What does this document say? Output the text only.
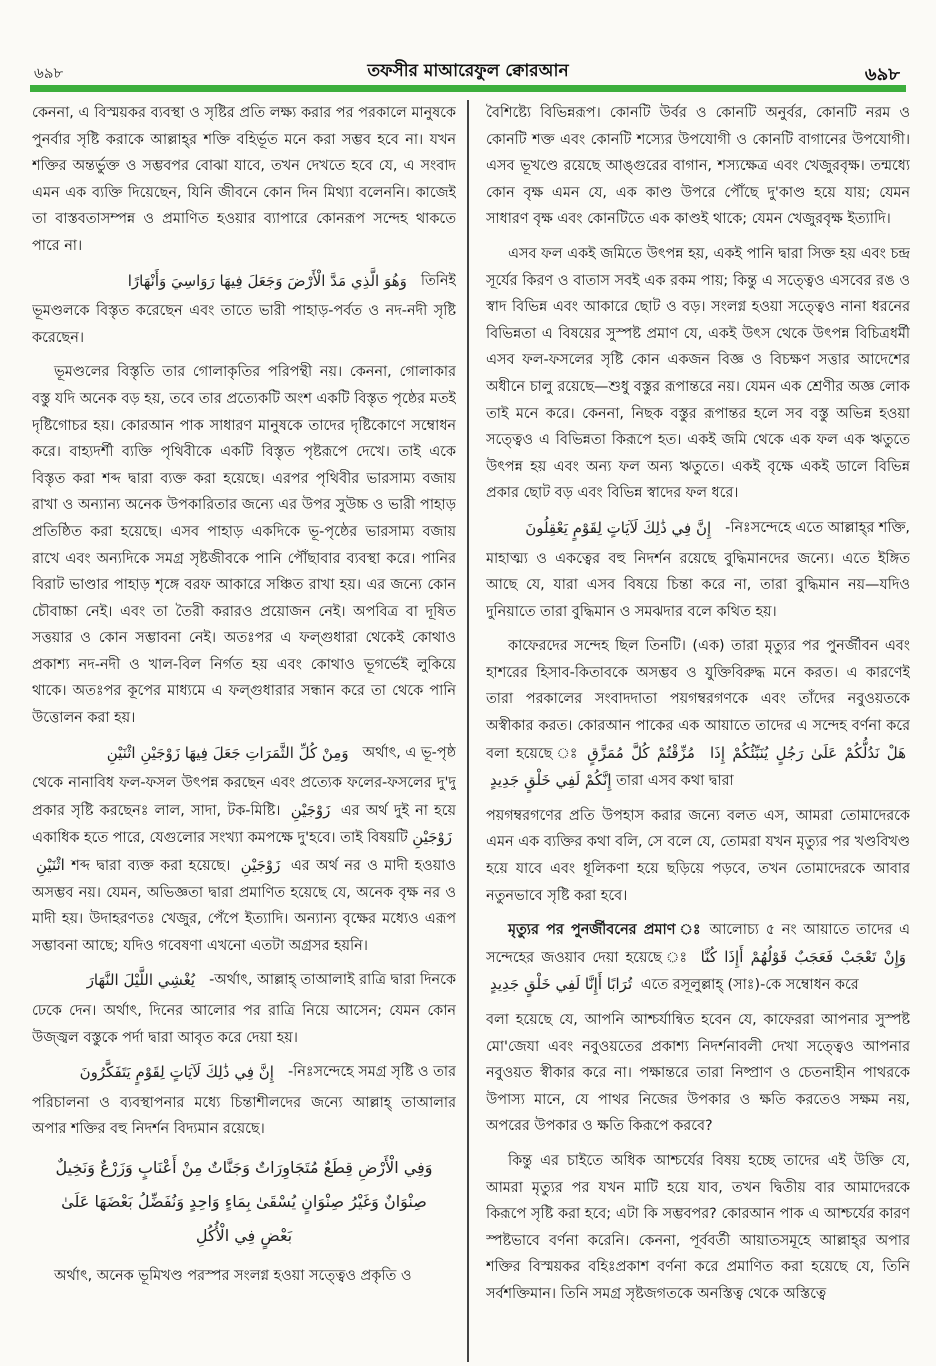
৬৯৮	তফসীর মাআরেফুল ক্বোরআন	৬৯৮

কেননা, এ বিস্ময়কর ব্যবস্থা ও সৃষ্টির প্রতি লক্ষ্য করার পর পরকালে মানুষকে পুনর্বার সৃষ্টি করাকে আল্লাহ্‌র শক্তি বহির্ভূত মনে করা সম্ভব হবে না। যখন শক্তির অন্তর্ভুক্ত ও সম্ভবপর বোঝা যাবে, তখন দেখতে হবে যে, এ সংবাদ এমন এক ব্যক্তি দিয়েছেন, যিনি জীবনে কোন দিন মিথ্যা বলেননি। কাজেই তা বাস্তবতাসম্পন্ন ও প্রমাণিত হওয়ার ব্যাপারে কোনরূপ সন্দেহ থাকতে পারে না।

وَهُوَ الَّذِي مَدَّ الْأَرْضَ وَجَعَلَ فِيهَا رَوَاسِيَ وَأَنْهَارًا তিনিই

ভূমণ্ডলকে বিস্তৃত করেছেন এবং তাতে ভারী পাহাড়-পর্বত ও নদ-নদী সৃষ্টি করেছেন।

ভূমণ্ডলের বিস্তৃতি তার গোলাকৃতির পরিপন্থী নয়। কেননা, গোলাকার বস্তু যদি অনেক বড় হয়, তবে তার প্রত্যেকটি অংশ একটি বিস্তৃত পৃষ্ঠের মতই দৃষ্টিগোচর হয়। কোরআন পাক সাধারণ মানুষকে তাদের দৃষ্টিকোণে সম্বোধন করে। বাহ্যদর্শী ব্যক্তি পৃথিবীকে একটি বিস্তৃত পৃষ্টরূপে দেখে। তাই একে বিস্তৃত করা শব্দ দ্বারা ব্যক্ত করা হয়েছে। এরপর পৃথিবীর ভারসাম্য বজায় রাখা ও অন্যান্য অনেক উপকারিতার জন্যে এর উপর সুউচ্চ ও ভারী পাহাড় প্রতিষ্ঠিত করা হয়েছে। এসব পাহাড় একদিকে ভূ-পৃষ্ঠের ভারসাম্য বজায় রাখে এবং অন্যদিকে সমগ্র সৃষ্টজীবকে পানি পৌঁছাবার ব্যবস্থা করে। পানির বিরাট ভাণ্ডার পাহাড় শৃঙ্গে বরফ আকারে সঞ্চিত রাখা হয়। এর জন্যে কোন চৌবাচ্চা নেই। এবং তা তৈরী করারও প্রয়োজন নেই। অপবিত্র বা দূষিত সত্তয়ার ও কোন সম্ভাবনা নেই। অতঃপর এ ফল্গুধারা থেকেই কোথাও প্রকাশ্য নদ-নদী ও খাল-বিল নির্গত হয় এবং কোথাও ভূগর্ভেই লুকিয়ে থাকে। অতঃপর কূপের মাধ্যমে এ ফল্গুধারার সন্ধান করে তা থেকে পানি উত্তোলন করা হয়।

وَمِنْ كُلِّ الثَّمَرَاتِ جَعَلَ فِيهَا زَوْجَيْنِ اثْنَيْنِ অর্থাৎ, এ ভূ-পৃষ্ঠ

থেকে নানাবিধ ফল-ফসল উৎপন্ন করছেন এবং প্রত্যেক ফলের-ফসলের দু'দু প্রকার সৃষ্টি করছেনঃ লাল, সাদা, টক-মিষ্টি। زَوْجَيْنِ এর অর্থ দুই না হয়ে একাধিক হতে পারে, যেগুলোর সংখ্যা কমপক্ষে দু'হবে। তাই বিষয়টি زَوْجَيْنِ اثْنَيْنِ শব্দ দ্বারা ব্যক্ত করা হয়েছে। زَوْجَيْنِ এর অর্থ নর ও মাদী হওয়াও অসম্ভব নয়। যেমন, অভিজ্ঞতা দ্বারা প্রমাণিত হয়েছে যে, অনেক বৃক্ষ নর ও মাদী হয়। উদাহরণতঃ খেজুর, পেঁপে ইত্যাদি। অন্যান্য বৃক্ষের মধ্যেও এরূপ সম্ভাবনা আছে; যদিও গবেষণা এখনো এতটা অগ্রসর হয়নি।

يُغْشِي اللَّيْلَ النَّهَارَ -অর্থাৎ, আল্লাহ্ তাআলাই রাত্রি দ্বারা দিনকে

ঢেকে দেন। অর্থাৎ, দিনের আলোর পর রাত্রি নিয়ে আসেন; যেমন কোন উজ্জ্বল বস্তুকে পর্দা দ্বারা আবৃত করে দেয়া হয়।

إِنَّ فِي ذَٰلِكَ لَآيَاتٍ لِقَوْمٍ يَتَفَكَّرُونَ -নিঃসন্দেহে সমগ্র সৃষ্টি ও তার

পরিচালনা ও ব্যবস্থাপনার মধ্যে চিন্তাশীলদের জন্যে আল্লাহ্ তাআলার অপার শক্তির বহু নিদর্শন বিদ্যমান রয়েছে।

وَفِي الْأَرْضِ قِطَعٌ مُتَجَاوِرَاتٌ وَجَنَّاتٌ مِنْ أَعْنَابٍ وَزَرْعٌ وَنَخِيلٌ
صِنْوَانٌ وَغَيْرُ صِنْوَانٍ يُسْقَىٰ بِمَاءٍ وَاحِدٍ وَنُفَضِّلُ بَعْضَهَا عَلَىٰ
بَعْضٍ فِي الْأُكُلِ

অর্থাৎ, অনেক ভূমিখণ্ড পরস্পর সংলগ্ন হওয়া সত্ত্বেও প্রকৃতি ও

বৈশিষ্ট্যে বিভিন্নরূপ। কোনটি উর্বর ও কোনটি অনুর্বর, কোনটি নরম ও কোনটি শক্ত এবং কোনটি শস্যের উপযোগী ও কোনটি বাগানের উপযোগী। এসব ভূখণ্ডে রয়েছে আঙ্গুরের বাগান, শস্যক্ষেত্র এবং খেজুরবৃক্ষ। তন্মধ্যে কোন বৃক্ষ এমন যে, এক কাণ্ড উপরে পৌঁছে দু'কাণ্ড হয়ে যায়; যেমন সাধারণ বৃক্ষ এবং কোনটিতে এক কাণ্ডই থাকে; যেমন খেজুরবৃক্ষ ইত্যাদি।

এসব ফল একই জমিতে উৎপন্ন হয়, একই পানি দ্বারা সিক্ত হয় এবং চন্দ্র সূর্যের কিরণ ও বাতাস সবই এক রকম পায়; কিন্তু এ সত্ত্বেও এসবের রঙ ও স্বাদ বিভিন্ন এবং আকারে ছোট ও বড়। সংলগ্ন হওয়া সত্ত্বেও নানা ধরনের বিভিন্নতা এ বিষয়ের সুস্পষ্ট প্রমাণ যে, একই উৎস থেকে উৎপন্ন বিচিত্রধর্মী এসব ফল-ফসলের সৃষ্টি কোন একজন বিজ্ঞ ও বিচক্ষণ সত্তার আদেশের অধীনে চালু রয়েছে—শুধু বস্তুর রূপান্তরে নয়। যেমন এক শ্রেণীর অজ্ঞ লোক তাই মনে করে। কেননা, নিছক বস্তুর রূপান্তর হলে সব বস্তু অভিন্ন হওয়া সত্ত্বেও এ বিভিন্নতা কিরূপে হত। একই জমি থেকে এক ফল এক ঋতুতে উৎপন্ন হয় এবং অন্য ফল অন্য ঋতুতে। একই বৃক্ষে একই ডালে বিভিন্ন প্রকার ছোট বড় এবং বিভিন্ন স্বাদের ফল ধরে।

إِنَّ فِي ذَٰلِكَ لَآيَاتٍ لِقَوْمٍ يَعْقِلُونَ -নিঃসন্দেহে এতে আল্লাহ্‌র শক্তি,

মাহাত্ম্য ও একত্বের বহু নিদর্শন রয়েছে বুদ্ধিমানদের জন্যে। এতে ইঙ্গিত আছে যে, যারা এসব বিষয়ে চিন্তা করে না, তারা বুদ্ধিমান নয়—যদিও দুনিয়াতে তারা বুদ্ধিমান ও সমঝদার বলে কথিত হয়।

কাফেরদের সন্দেহ ছিল তিনটি। (এক) তারা মৃত্যুর পর পুনর্জীবন এবং হাশরের হিসাব-কিতাবকে অসম্ভব ও যুক্তিবিরুদ্ধ মনে করত। এ কারণেই তারা পরকালের সংবাদদাতা পয়গম্বরগণকে এবং তাঁদের নবুওয়তকে অস্বীকার করত। কোরআন পাকের এক আয়াতে তাদের এ সন্দেহ বর্ণনা করে বলা হয়েছে ঃ	هَلْ نَدُلُّكُمْ عَلَىٰ رَجُلٍ يُنَبِّئُكُمْ إِذَا مُزِّقْتُمْ كُلَّ مُمَزَّقٍ إِنَّكُمْ لَفِي خَلْقٍ جَدِيدٍ তারা এসব কথা দ্বারা

পয়গম্বরগণের প্রতি উপহাস করার জন্যে বলত এস, আমরা তোমাদেরকে এমন এক ব্যক্তির কথা বলি, সে বলে যে, তোমরা যখন মৃত্যুর পর খণ্ডবিখণ্ড হয়ে যাবে এবং ধূলিকণা হয়ে ছড়িয়ে পড়বে, তখন তোমাদেরকে আবার নতুনভাবে সৃষ্টি করা হবে।

মৃত্যুর পর পুনর্জীবনের প্রমাণ ঃ আলোচ্য ৫ নং আয়াতে তাদের এ সন্দেহের জওয়াব দেয়া হয়েছে ঃ وَإِنْ تَعْجَبْ فَعَجَبٌ قَوْلُهُمْ أَإِذَا كُنَّا تُرَابًا أَإِنَّا لَفِي خَلْقٍ جَدِيدٍ এতে রসূলুল্লাহ্ (সাঃ)-কে সম্বোধন করে

বলা হয়েছে যে, আপনি আশ্চর্যান্বিত হবেন যে, কাফেররা আপনার সুস্পষ্ট মো'জেযা এবং নবুওয়তের প্রকাশ্য নিদর্শনাবলী দেখা সত্ত্বেও আপনার নবুওয়ত স্বীকার করে না। পক্ষান্তরে তারা নিষ্প্রাণ ও চেতনাহীন পাথরকে উপাস্য মানে, যে পাথর নিজের উপকার ও ক্ষতি করতেও সক্ষম নয়, অপরের উপকার ও ক্ষতি কিরূপে করবে?

কিন্তু এর চাইতে অধিক আশ্চর্যের বিষয় হচ্ছে তাদের এই উক্তি যে, আমরা মৃত্যুর পর যখন মাটি হয়ে যাব, তখন দ্বিতীয় বার আমাদেরকে কিরূপে সৃষ্টি করা হবে; এটা কি সম্ভবপর? কোরআন পাক এ আশ্চর্যের কারণ স্পষ্টভাবে বর্ণনা করেনি। কেননা, পূর্ববর্তী আয়াতসমূহে আল্লাহ্‌র অপার শক্তির বিস্ময়কর বহিঃপ্রকাশ বর্ণনা করে প্রমাণিত করা হয়েছে যে, তিনি সর্বশক্তিমান। তিনি সমগ্র সৃষ্টজগতকে অনস্তিত্ব থেকে অস্তিত্বে
